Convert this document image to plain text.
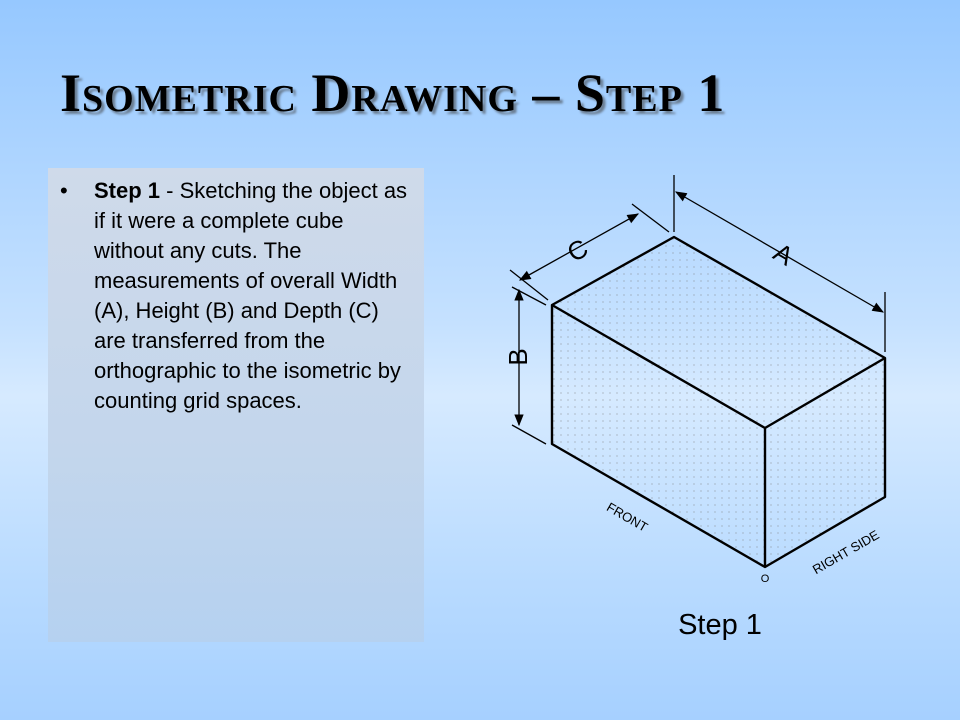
Isometric Drawing – Step 1
•	Step 1 - Sketching the object as if it were a complete cube without any cuts. The measurements of overall Width (A), Height (B) and Depth (C) are transferred from the orthographic to the isometric by counting grid spaces.
A
C
B
FRONT
RIGHT SIDE
O
Step 1
